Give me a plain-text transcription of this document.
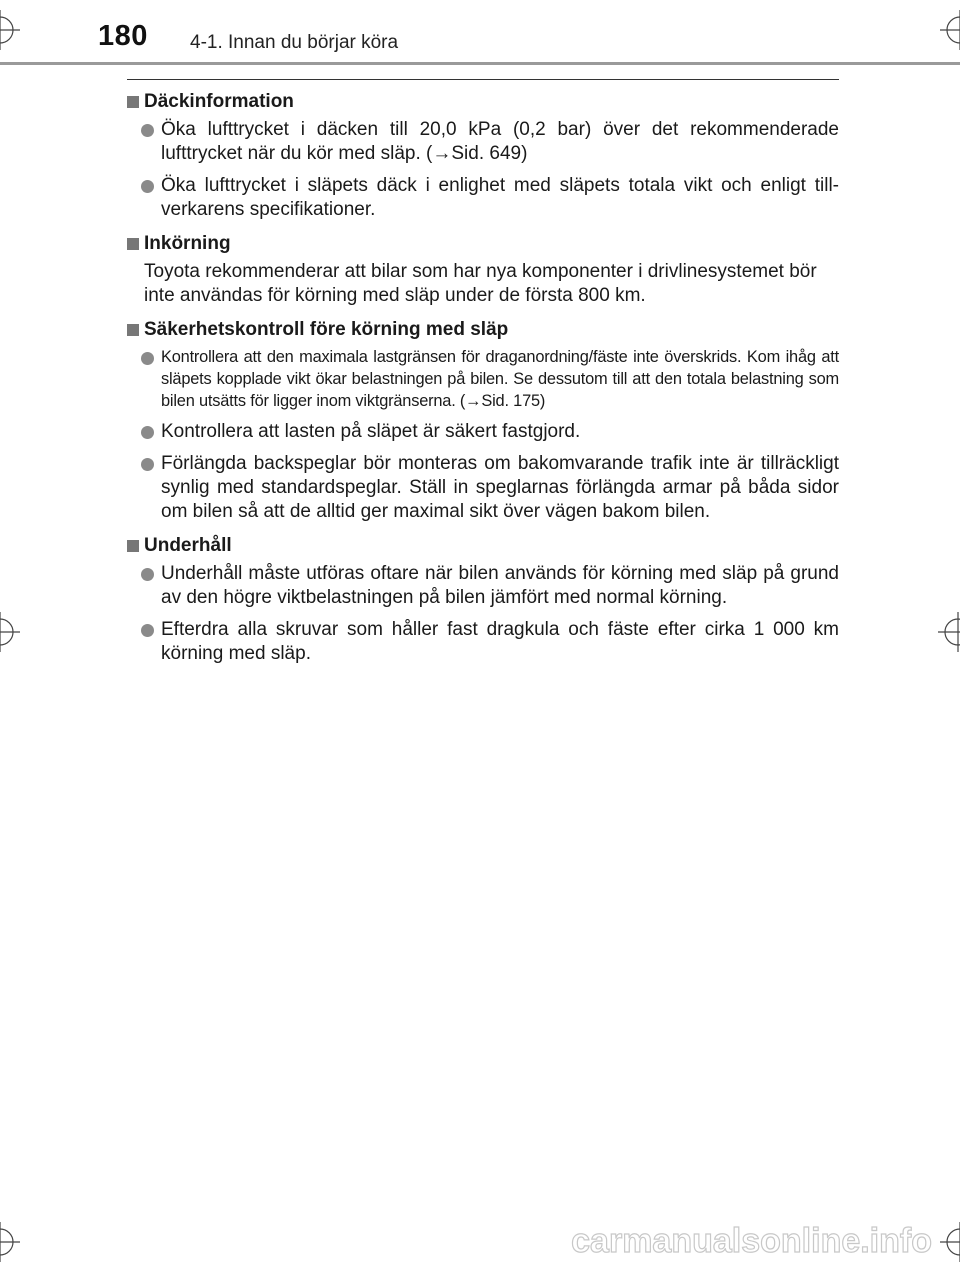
180 4-1. Innan du börjar köra
Däckinformation
Öka lufttrycket i däcken till 20,0 kPa (0,2 bar) över det rekommenderade lufttrycket när du kör med släp. (→Sid. 649)
Öka lufttrycket i släpets däck i enlighet med släpets totala vikt och enligt tillverkarens specifikationer.
Inkörning
Toyota rekommenderar att bilar som har nya komponenter i drivlinesystemet bör inte användas för körning med släp under de första 800 km.
Säkerhetskontroll före körning med släp
Kontrollera att den maximala lastgränsen för draganordning/fäste inte överskrids. Kom ihåg att släpets kopplade vikt ökar belastningen på bilen. Se dessutom till att den totala belastning som bilen utsätts för ligger inom viktgränserna. (→Sid. 175)
Kontrollera att lasten på släpet är säkert fastgjord.
Förlängda backspeglar bör monteras om bakomvarande trafik inte är tillräckligt synlig med standardspeglar. Ställ in speglarnas förlängda armar på båda sidor om bilen så att de alltid ger maximal sikt över vägen bakom bilen.
Underhåll
Underhåll måste utföras oftare när bilen används för körning med släp på grund av den högre viktbelastningen på bilen jämfört med normal körning.
Efterdra alla skruvar som håller fast dragkula och fäste efter cirka 1 000 km körning med släp.
carmanualsonline.info
